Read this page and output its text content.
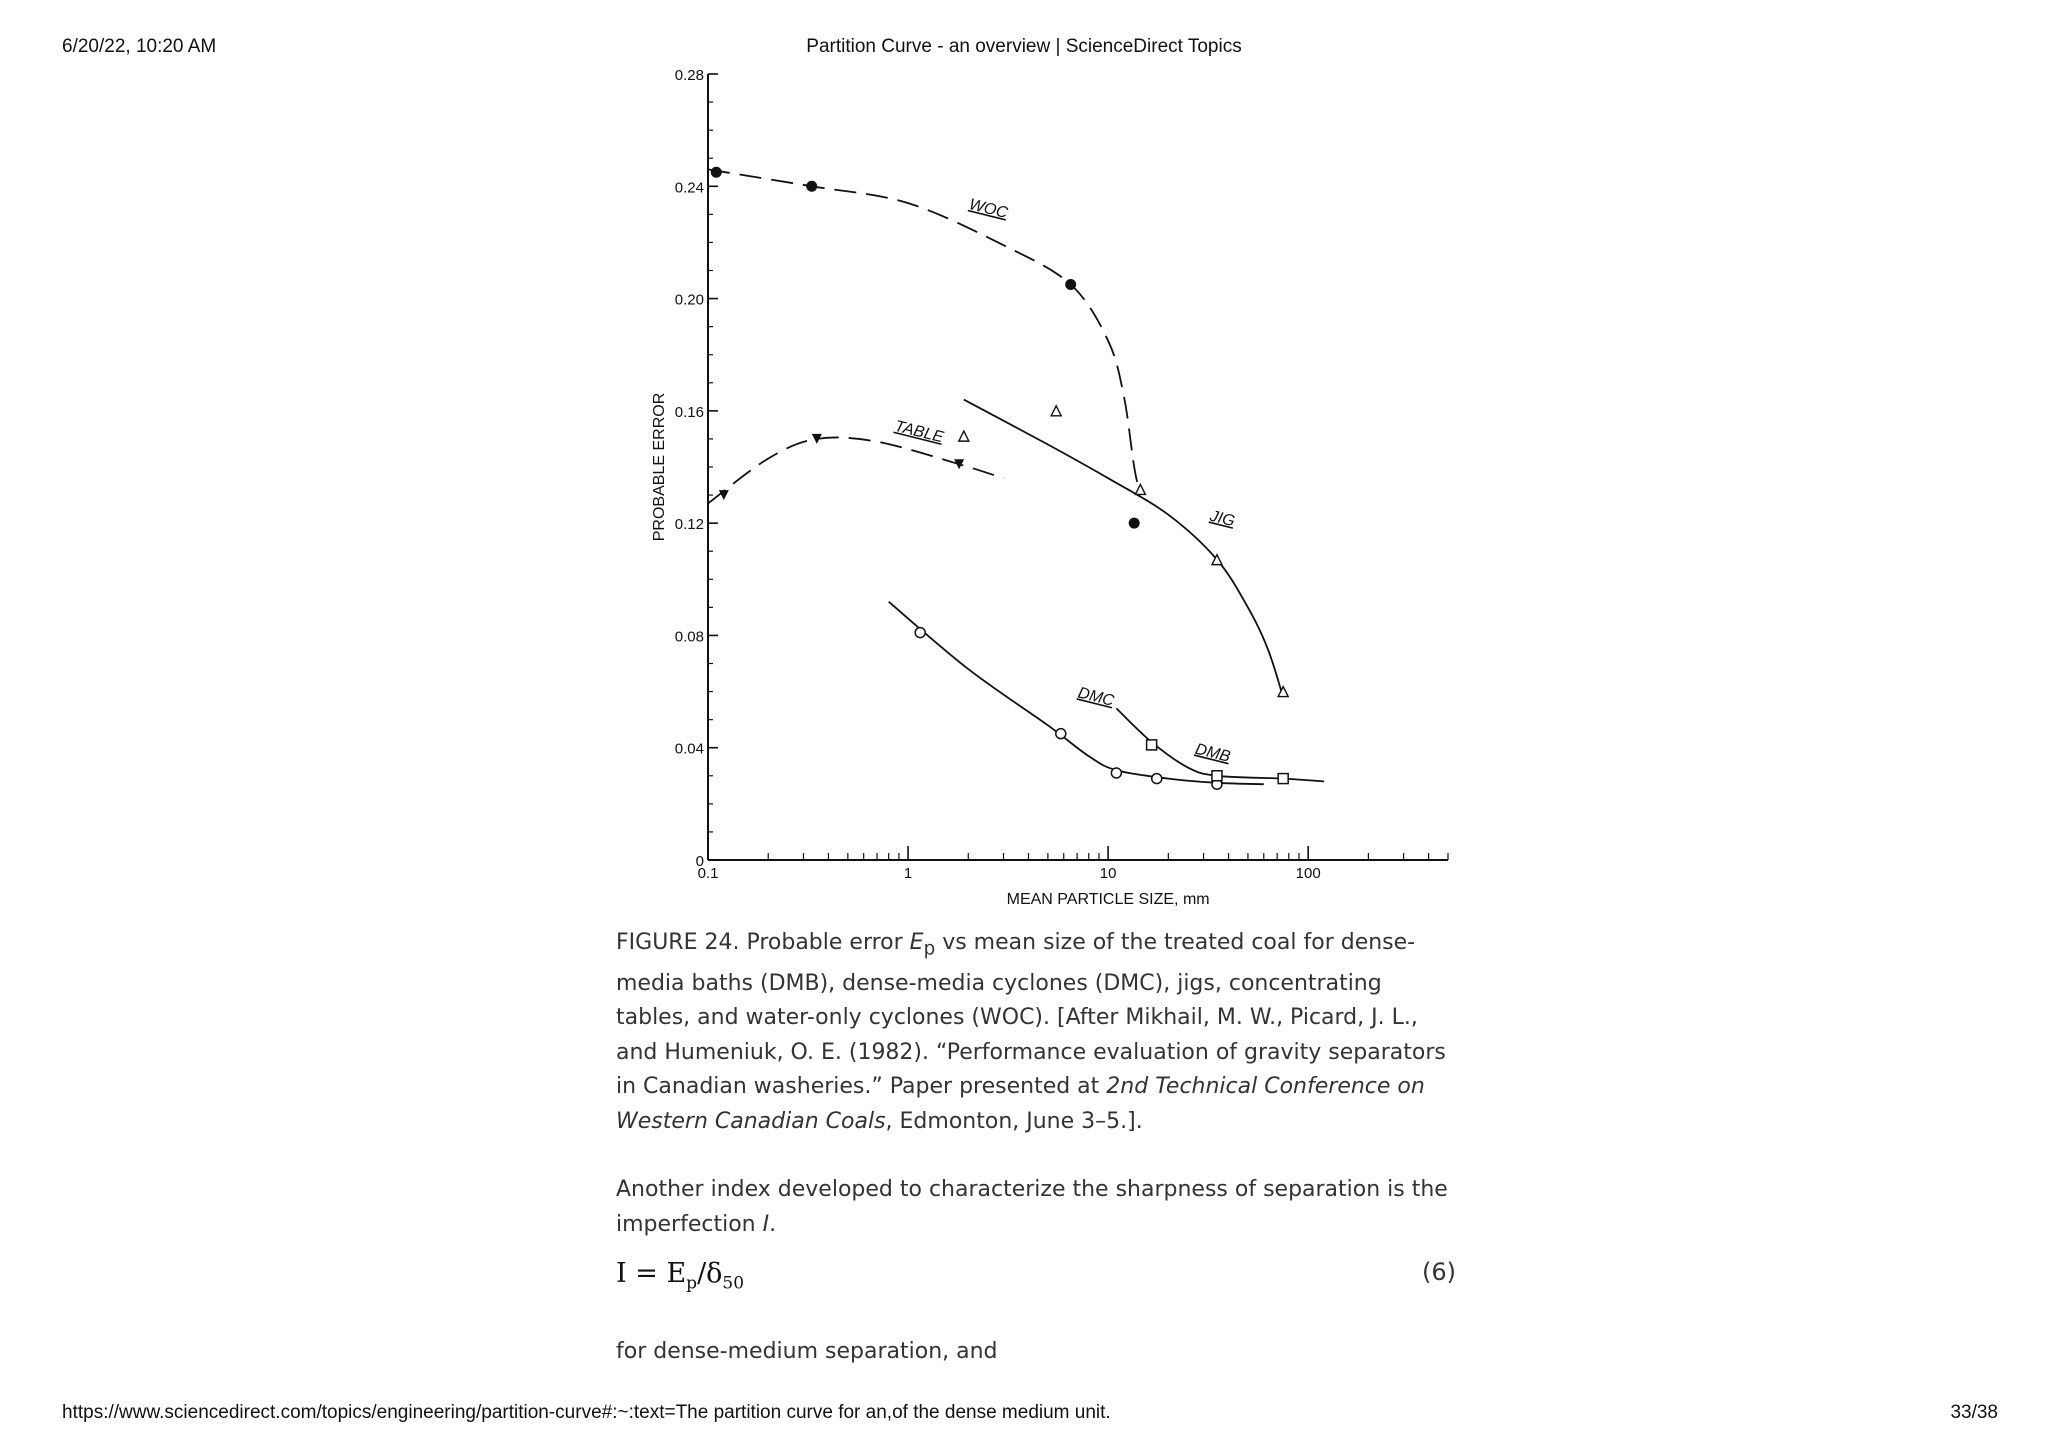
6/20/22, 10:20 AM	Partition Curve - an overview | ScienceDirect Topics
0
0.04
0.08
0.12
0.16
0.20
0.24
0.28
0.1	1	10	100
MEAN PARTICLE SIZE, mm
PROBABLE ERROR
WOC
TABLE
JIG
DMC
DMB
FIGURE 24. Probable error $E_p$ vs mean size of the treated coal for dense-media baths (DMB), dense-media cyclones (DMC), jigs, concentrating tables, and water-only cyclones (WOC). [After Mikhail, M. W., Picard, J. L., and Humeniuk, O. E. (1982). “Performance evaluation of gravity separators in Canadian washeries.” Paper presented at 2nd Technical Conference on Western Canadian Coals, Edmonton, June 3–5.].
Another index developed to characterize the sharpness of separation is the imperfection I.
$I = E_p/\delta_{50}$	(6)
for dense-medium separation, and
https://www.sciencedirect.com/topics/engineering/partition-curve#:~:text=The partition curve for an,of the dense medium unit.	33/38
